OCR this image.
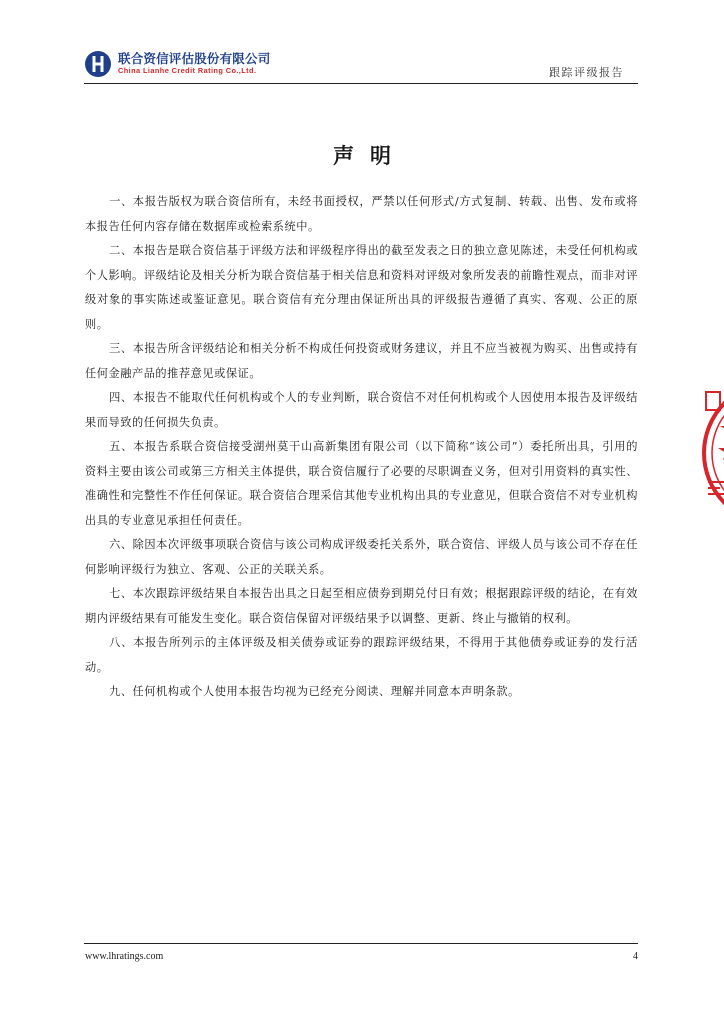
联合资信评估股份有限公司
China Lianhe Credit Rating Co.,Ltd.	跟踪评级报告
声明

一、本报告版权为联合资信所有，未经书面授权，严禁以任何形式/方式复制、转载、出售、发布或将本报告任何内容存储在数据库或检索系统中。

二、本报告是联合资信基于评级方法和评级程序得出的截至发表之日的独立意见陈述，未受任何机构或个人影响。评级结论及相关分析为联合资信基于相关信息和资料对评级对象所发表的前瞻性观点，而非对评级对象的事实陈述或鉴证意见。联合资信有充分理由保证所出具的评级报告遵循了真实、客观、公正的原则。

三、本报告所含评级结论和相关分析不构成任何投资或财务建议，并且不应当被视为购买、出售或持有任何金融产品的推荐意见或保证。

四、本报告不能取代任何机构或个人的专业判断，联合资信不对任何机构或个人因使用本报告及评级结果而导致的任何损失负责。

五、本报告系联合资信接受湖州莫干山高新集团有限公司（以下简称“该公司”）委托所出具，引用的资料主要由该公司或第三方相关主体提供，联合资信履行了必要的尽职调查义务，但对引用资料的真实性、准确性和完整性不作任何保证。联合资信合理采信其他专业机构出具的专业意见，但联合资信不对专业机构出具的专业意见承担任何责任。

六、除因本次评级事项联合资信与该公司构成评级委托关系外，联合资信、评级人员与该公司不存在任何影响评级行为独立、客观、公正的关联关系。

七、本次跟踪评级结果自本报告出具之日起至相应债券到期兑付日有效；根据跟踪评级的结论，在有效期内评级结果有可能发生变化。联合资信保留对评级结果予以调整、更新、终止与撤销的权利。

八、本报告所列示的主体评级及相关债券或证券的跟踪评级结果，不得用于其他债券或证券的发行活动。

九、任何机构或个人使用本报告均视为已经充分阅读、理解并同意本声明条款。

www.lhratings.com	4
